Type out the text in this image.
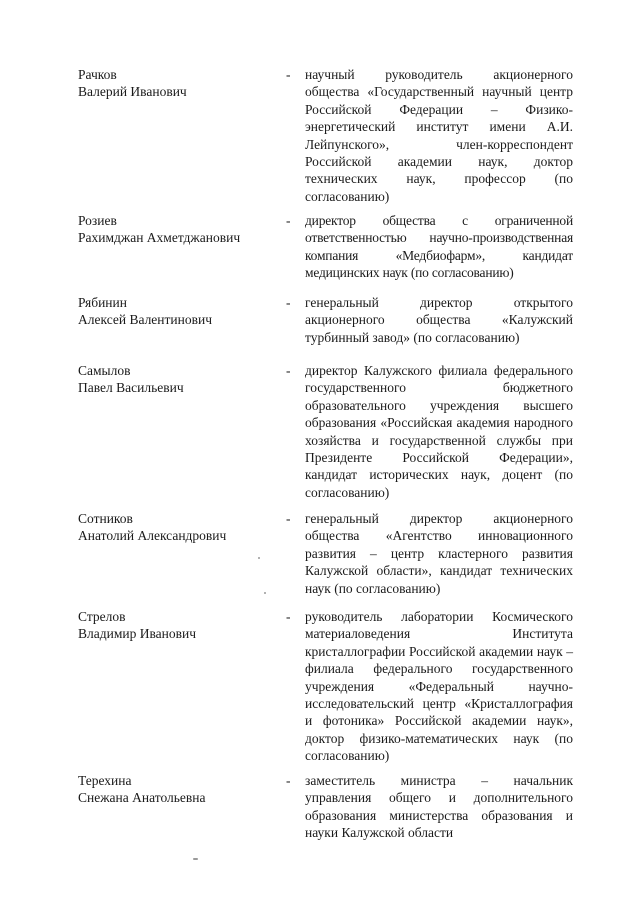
Рачков
Валерий Иванович
- научный руководитель акционерного общества «Государственный научный центр Российской Федерации – Физико-энергетический институт имени А.И. Лейпунского», член-корреспондент Российской академии наук, доктор технических наук, профессор (по согласованию)
Розиев
Рахимджан Ахметджанович
- директор общества с ограниченной ответственностью научно-производственная компания «Медбиофарм», кандидат медицинских наук (по согласованию)
Рябинин
Алексей Валентинович
- генеральный директор открытого акционерного общества «Калужский турбинный завод» (по согласованию)
Самылов
Павел Васильевич
- директор Калужского филиала федерального государственного бюджетного образовательного учреждения высшего образования «Российская академия народного хозяйства и государственной службы при Президенте Российской Федерации», кандидат исторических наук, доцент (по согласованию)
Сотников
Анатолий Александрович
- генеральный директор акционерного общества «Агентство инновационного развития – центр кластерного развития Калужской области», кандидат технических наук (по согласованию)
Стрелов
Владимир Иванович
- руководитель лаборатории Космического материаловедения Института кристаллографии Российской академии наук – филиала федерального государственного учреждения «Федеральный научно-исследовательский центр «Кристаллография и фотоника» Российской академии наук», доктор физико-математических наук (по согласованию)
Терехина
Снежана Анатольевна
- заместитель министра – начальник управления общего и дополнительного образования министерства образования и науки Калужской области
